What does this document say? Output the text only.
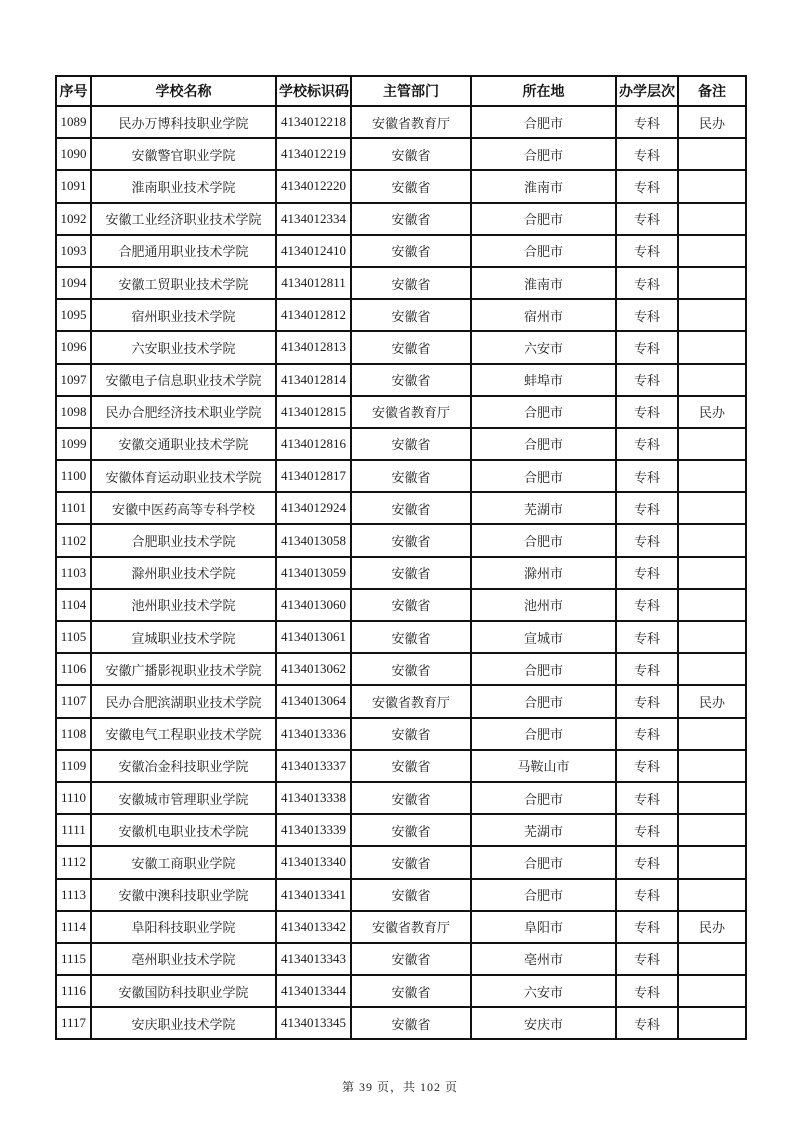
序号	学校名称	学校标识码	主管部门	所在地	办学层次	备注
1089	民办万博科技职业学院	4134012218	安徽省教育厅	合肥市	专科	民办
1090	安徽警官职业学院	4134012219	安徽省	合肥市	专科	
1091	淮南职业技术学院	4134012220	安徽省	淮南市	专科	
1092	安徽工业经济职业技术学院	4134012334	安徽省	合肥市	专科	
1093	合肥通用职业技术学院	4134012410	安徽省	合肥市	专科	
1094	安徽工贸职业技术学院	4134012811	安徽省	淮南市	专科	
1095	宿州职业技术学院	4134012812	安徽省	宿州市	专科	
1096	六安职业技术学院	4134012813	安徽省	六安市	专科	
1097	安徽电子信息职业技术学院	4134012814	安徽省	蚌埠市	专科	
1098	民办合肥经济技术职业学院	4134012815	安徽省教育厅	合肥市	专科	民办
1099	安徽交通职业技术学院	4134012816	安徽省	合肥市	专科	
1100	安徽体育运动职业技术学院	4134012817	安徽省	合肥市	专科	
1101	安徽中医药高等专科学校	4134012924	安徽省	芜湖市	专科	
1102	合肥职业技术学院	4134013058	安徽省	合肥市	专科	
1103	滁州职业技术学院	4134013059	安徽省	滁州市	专科	
1104	池州职业技术学院	4134013060	安徽省	池州市	专科	
1105	宣城职业技术学院	4134013061	安徽省	宣城市	专科	
1106	安徽广播影视职业技术学院	4134013062	安徽省	合肥市	专科	
1107	民办合肥滨湖职业技术学院	4134013064	安徽省教育厅	合肥市	专科	民办
1108	安徽电气工程职业技术学院	4134013336	安徽省	合肥市	专科	
1109	安徽冶金科技职业学院	4134013337	安徽省	马鞍山市	专科	
1110	安徽城市管理职业学院	4134013338	安徽省	合肥市	专科	
1111	安徽机电职业技术学院	4134013339	安徽省	芜湖市	专科	
1112	安徽工商职业学院	4134013340	安徽省	合肥市	专科	
1113	安徽中澳科技职业学院	4134013341	安徽省	合肥市	专科	
1114	阜阳科技职业学院	4134013342	安徽省教育厅	阜阳市	专科	民办
1115	亳州职业技术学院	4134013343	安徽省	亳州市	专科	
1116	安徽国防科技职业学院	4134013344	安徽省	六安市	专科	
1117	安庆职业技术学院	4134013345	安徽省	安庆市	专科	
第 39 页，共 102 页
